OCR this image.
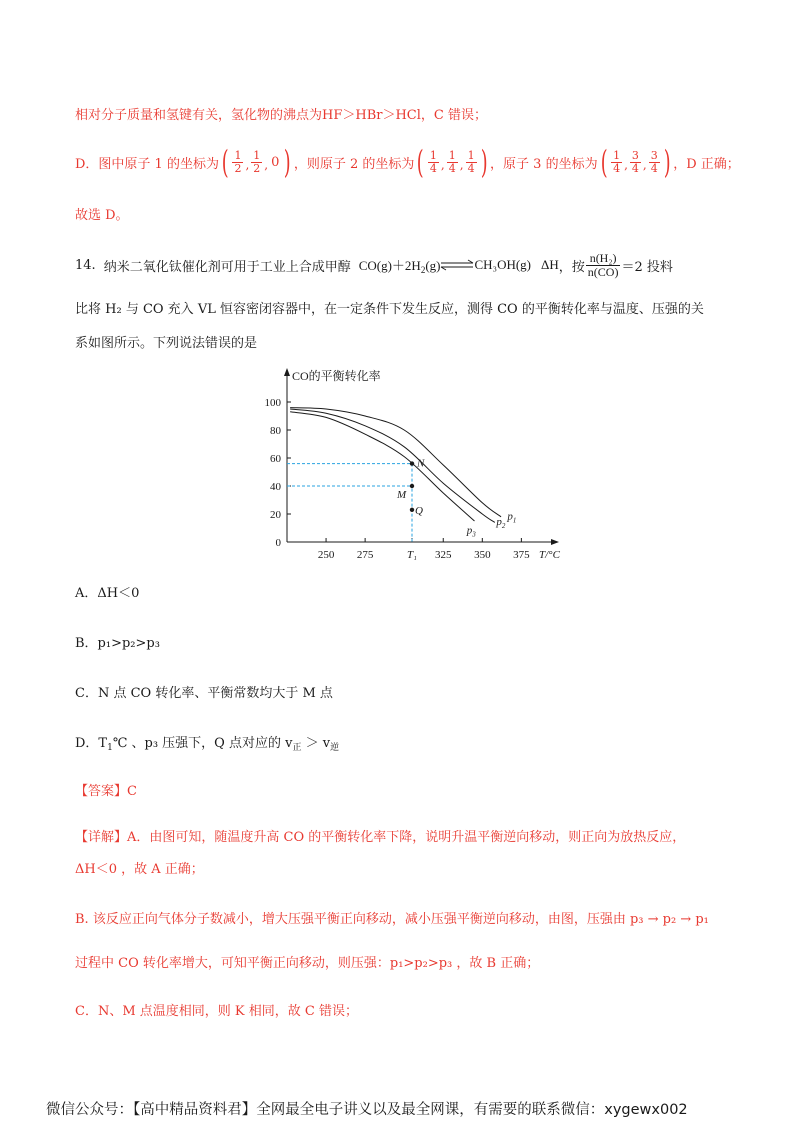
相对分子质量和氢键有关，氢化物的沸点为HF＞HBr＞HCl，C 错误；
D．图中原子 1 的坐标为 ( $\frac{1}{2}$ , $\frac{1}{2}$ , 0 ) ，则原子 2 的坐标为 ( $\frac{1}{4}$ , $\frac{1}{4}$ , $\frac{1}{4}$ ) ，原子 3 的坐标为 ( $\frac{1}{4}$ , $\frac{3}{4}$ , $\frac{3}{4}$ ) ，D 正确；
故选 D。
14. 纳米二氧化钛催化剂可用于工业上合成甲醇 $CO(g)+2H_2(g)$ ⇌ CH₃OH(g) ΔH ，按 $\frac{\text{n(H₂)}}{n(CO)} =2$ 投料
比将 H₂ 与 CO 充入 VL 恒容密闭容器中，在一定条件下发生反应，测得 CO 的平衡转化率与温度、压强的关
系如图所示。下列说法错误的是
CO的平衡转化率
0
20
40
60
80
100
250 275	T₁ 325 350 375 T/°C
$p_1$
$p_2$
$p_3$
N
M
Q
A．ΔH＜0
B．p₁>p₂>p₃
C．N 点 CO 转化率、平衡常数均大于 M 点
D．$T_1℃$ 、p₃ 压强下，Q 点对应的 $v_正 > v_逆$
【答案】C
【详解】A．由图可知，随温度升高 CO 的平衡转化率下降，说明升温平衡逆向移动，则正向为放热反应，
ΔH＜0 ，故 A 正确；
B. 该反应正向气体分子数减小，增大压强平衡正向移动，减小压强平衡逆向移动，由图，压强由 p₃ → p₂ → p₁
过程中 CO 转化率增大，可知平衡正向移动，则压强：p₁>p₂>p₃ ，故 B 正确；
C．N、M 点温度相同，则 K 相同，故 C 错误；
微信公众号：【高中精品资料君】全网最全电子讲义以及最全网课，有需要的联系微信：xygewx002
